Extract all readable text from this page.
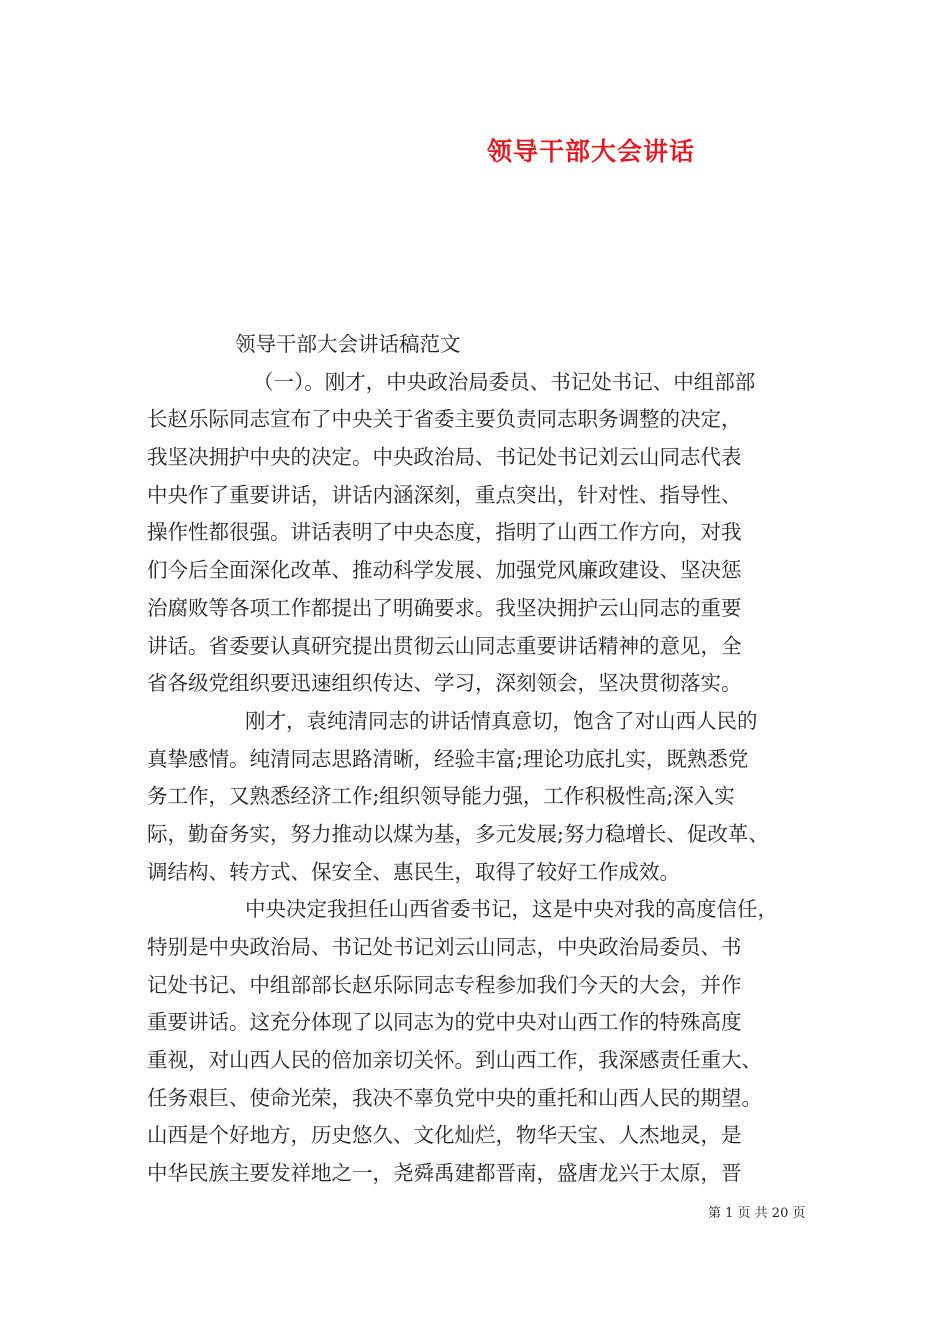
领导干部大会讲话
领导干部大会讲话稿范文
（一）。刚才，中央政治局委员、书记处书记、中组部部
长赵乐际同志宣布了中央关于省委主要负责同志职务调整的决定，
我坚决拥护中央的决定。中央政治局、书记处书记刘云山同志代表
中央作了重要讲话，讲话内涵深刻，重点突出，针对性、指导性、
操作性都很强。讲话表明了中央态度，指明了山西工作方向，对我
们今后全面深化改革、推动科学发展、加强党风廉政建设、坚决惩
治腐败等各项工作都提出了明确要求。我坚决拥护云山同志的重要
讲话。省委要认真研究提出贯彻云山同志重要讲话精神的意见，全
省各级党组织要迅速组织传达、学习，深刻领会，坚决贯彻落实。
刚才，袁纯清同志的讲话情真意切，饱含了对山西人民的
真挚感情。纯清同志思路清晰，经验丰富;理论功底扎实，既熟悉党
务工作，又熟悉经济工作;组织领导能力强，工作积极性高;深入实
际，勤奋务实，努力推动以煤为基，多元发展;努力稳增长、促改革、
调结构、转方式、保安全、惠民生，取得了较好工作成效。
中央决定我担任山西省委书记，这是中央对我的高度信任，
特别是中央政治局、书记处书记刘云山同志，中央政治局委员、书
记处书记、中组部部长赵乐际同志专程参加我们今天的大会，并作
重要讲话。这充分体现了以同志为的党中央对山西工作的特殊高度
重视，对山西人民的倍加亲切关怀。到山西工作，我深感责任重大、
任务艰巨、使命光荣，我决不辜负党中央的重托和山西人民的期望。
山西是个好地方，历史悠久、文化灿烂，物华天宝、人杰地灵，是
中华民族主要发祥地之一，尧舜禹建都晋南，盛唐龙兴于太原，晋
第 1 页 共 20 页
